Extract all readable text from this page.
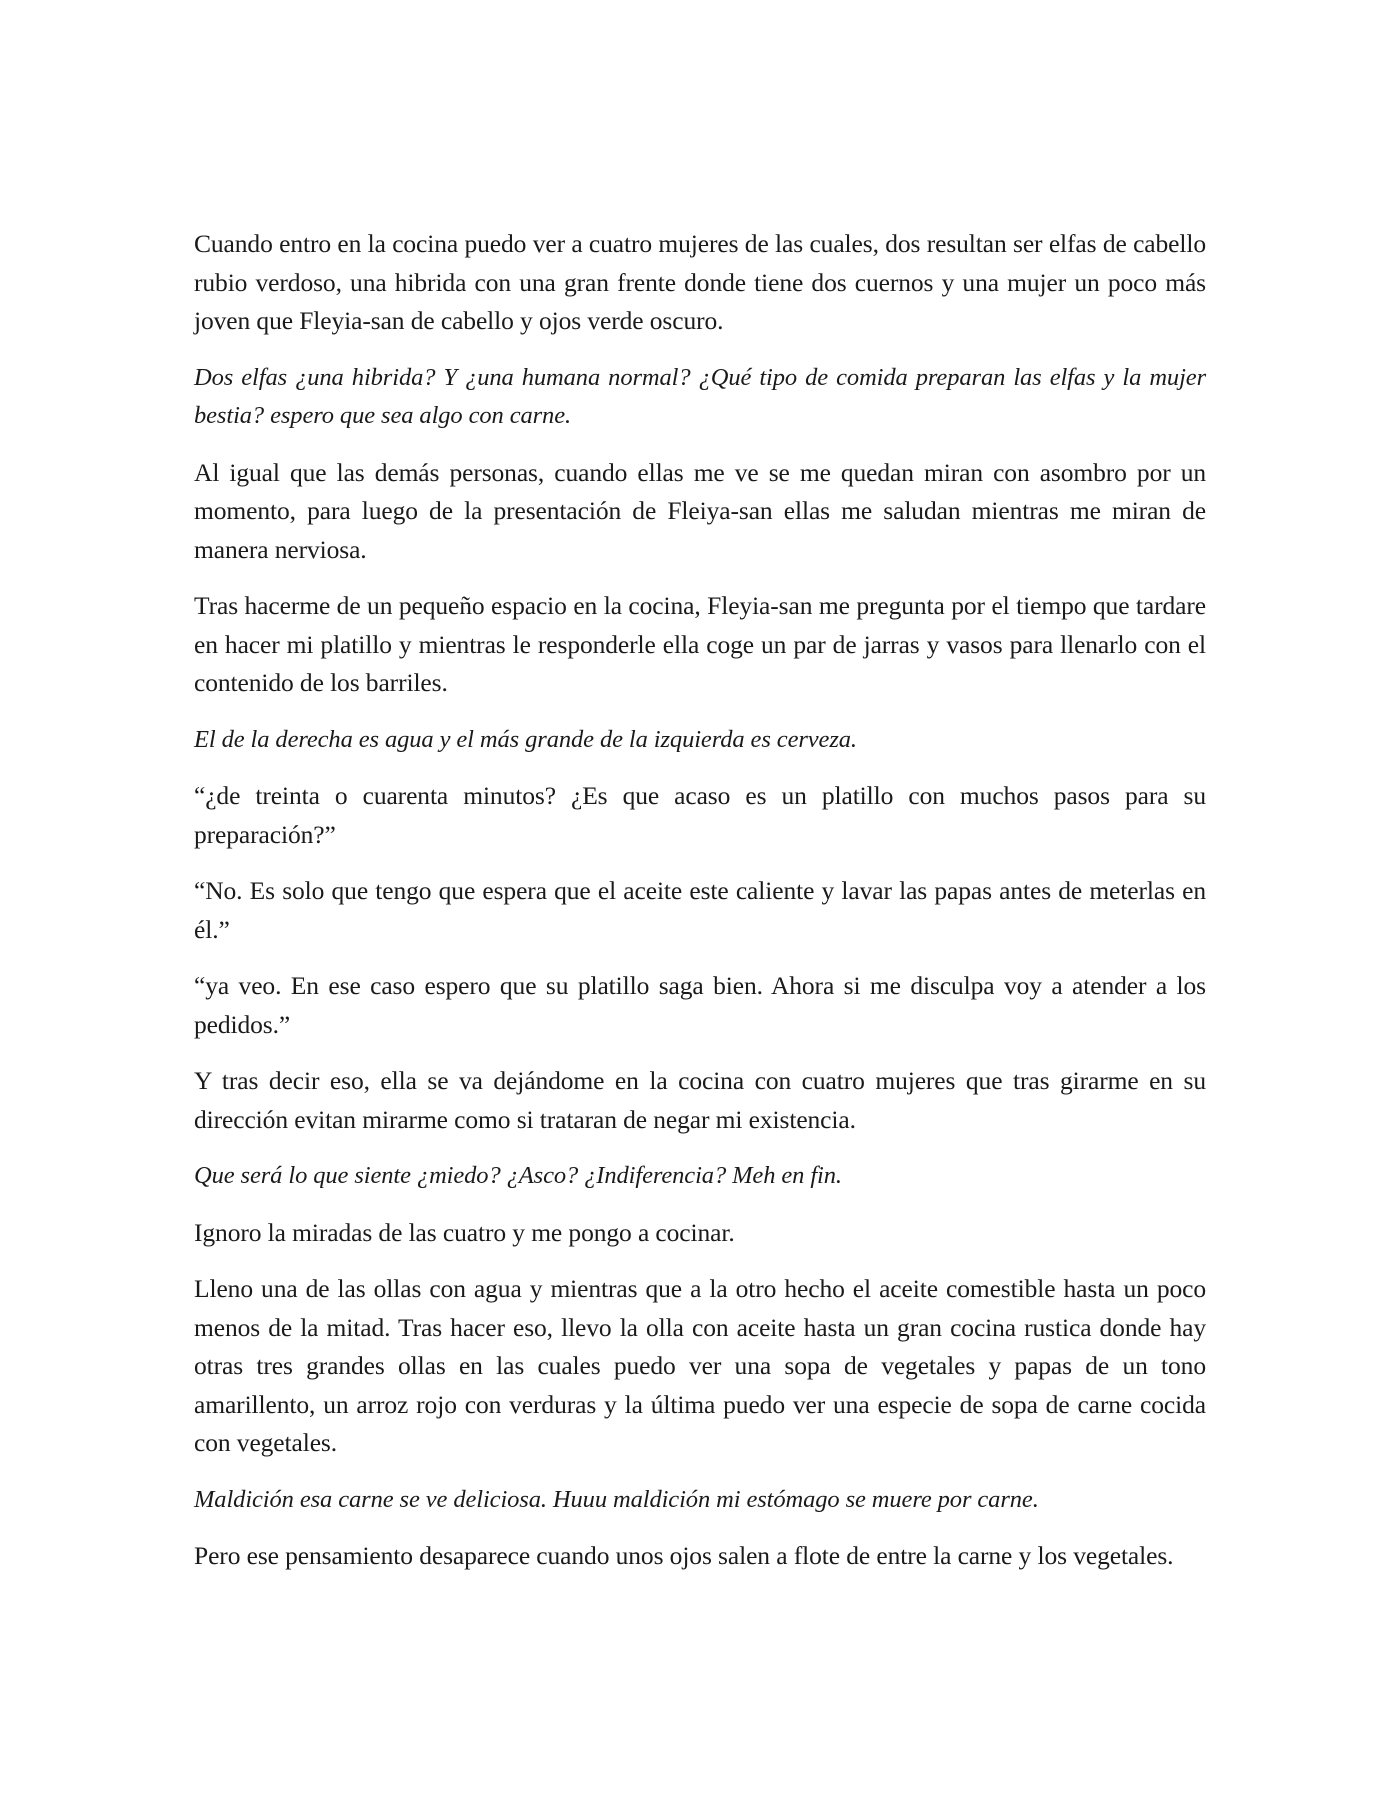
Cuando entro en la cocina puedo ver a cuatro mujeres de las cuales, dos resultan ser elfas de cabello rubio verdoso, una hibrida con una gran frente donde tiene dos cuernos y una mujer un poco más joven que Fleyia-san de cabello y ojos verde oscuro.

Dos elfas ¿una hibrida? Y ¿una humana normal? ¿Qué tipo de comida preparan las elfas y la mujer bestia? espero que sea algo con carne.

Al igual que las demás personas, cuando ellas me ve se me quedan miran con asombro por un momento, para luego de la presentación de Fleiya-san ellas me saludan mientras me miran de manera nerviosa.

Tras hacerme de un pequeño espacio en la cocina, Fleyia-san me pregunta por el tiempo que tardare en hacer mi platillo y mientras le responderle ella coge un par de jarras y vasos para llenarlo con el contenido de los barriles.

El de la derecha es agua y el más grande de la izquierda es cerveza.

“¿de treinta o cuarenta minutos? ¿Es que acaso es un platillo con muchos pasos para su preparación?”

“No. Es solo que tengo que espera que el aceite este caliente y lavar las papas antes de meterlas en él.”

“ya veo. En ese caso espero que su platillo saga bien. Ahora si me disculpa voy a atender a los pedidos.”

Y tras decir eso, ella se va dejándome en la cocina con cuatro mujeres que tras girarme en su dirección evitan mirarme como si trataran de negar mi existencia.

Que será lo que siente ¿miedo? ¿Asco? ¿Indiferencia? Meh en fin.

Ignoro la miradas de las cuatro y me pongo a cocinar.

Lleno una de las ollas con agua y mientras que a la otro hecho el aceite comestible hasta un poco menos de la mitad. Tras hacer eso, llevo la olla con aceite hasta un gran cocina rustica donde hay otras tres grandes ollas en las cuales puedo ver una sopa de vegetales y papas de un tono amarillento, un arroz rojo con verduras y la última puedo ver una especie de sopa de carne cocida con vegetales.

Maldición esa carne se ve deliciosa. Huuu maldición mi estómago se muere por carne.

Pero ese pensamiento desaparece cuando unos ojos salen a flote de entre la carne y los vegetales.
